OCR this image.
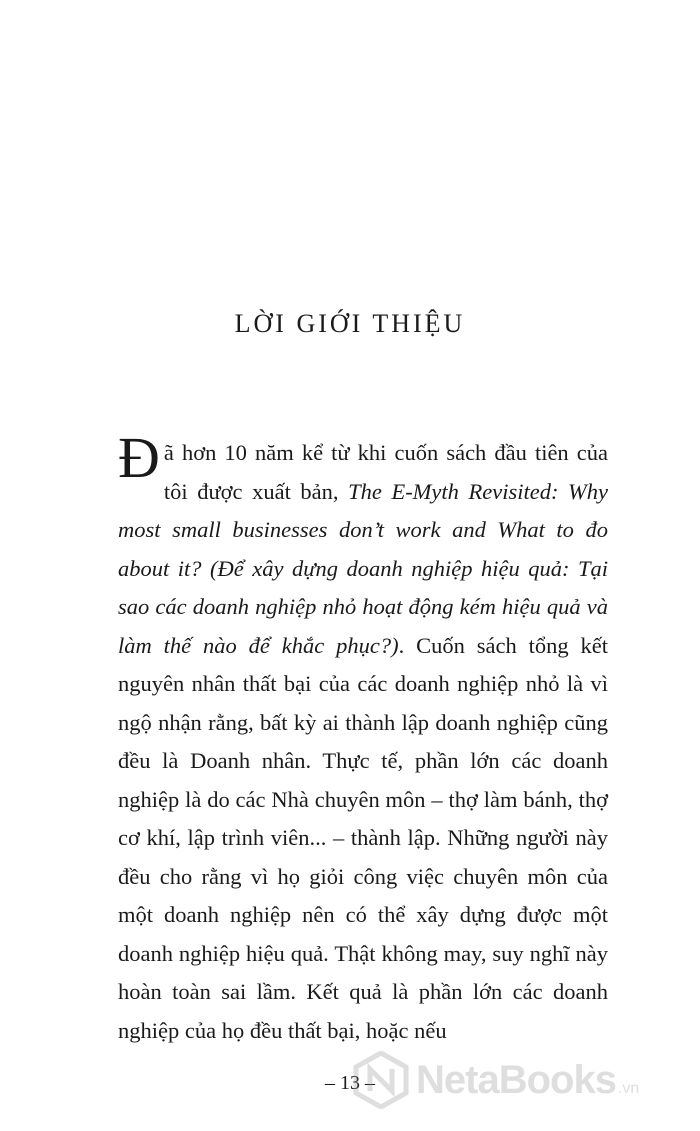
LỜI GIỚI THIỆU
Đ ã hơn 10 năm kể từ khi cuốn sách đầu tiên của tôi được xuất bản, The E-Myth Revisited: Why most small businesses don’t work and What to đo about it? (Để xây dựng doanh nghiệp hiệu quả: Tại sao các doanh nghiệp nhỏ hoạt động kém hiệu quả và làm thế nào để khắc phục?). Cuốn sách tổng kết nguyên nhân thất bại của các doanh nghiệp nhỏ là vì ngộ nhận rằng, bất kỳ ai thành lập doanh nghiệp cũng đều là Doanh nhân. Thực tế, phần lớn các doanh nghiệp là do các Nhà chuyên môn – thợ làm bánh, thợ cơ khí, lập trình viên... – thành lập. Những người này đều cho rằng vì họ giỏi công việc chuyên môn của một doanh nghiệp nên có thể xây dựng được một doanh nghiệp hiệu quả. Thật không may, suy nghĩ này hoàn toàn sai lầm. Kết quả là phần lớn các doanh nghiệp của họ đều thất bại, hoặc nếu
– 13 –	NetaBooks .vn
